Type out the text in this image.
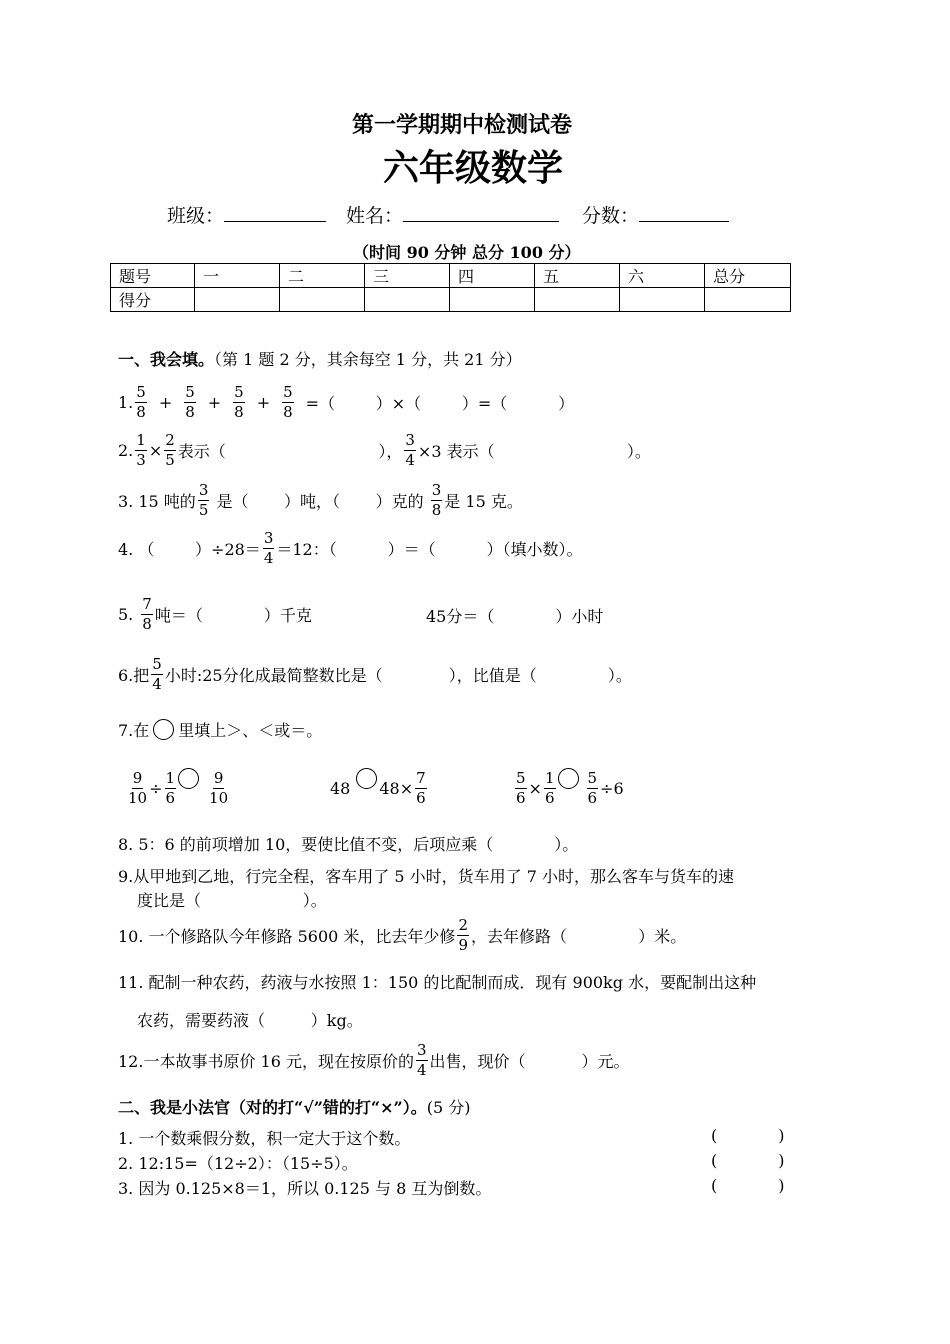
第一学期期中检测试卷
六年级数学
班级：	姓名：	分数：
（时间 90 分钟 总分 100 分）
题号	一	二	三	四	五	六	总分
得分							
一、我会填。（第 1 题 2 分，其余每空 1 分，共 21 分）
1. $\frac{5}{8} + \frac{5}{8} + \frac{5}{8} + \frac{5}{8}$ =（        ）×（        ）=（          ）
2. $\frac{1}{3} \times \frac{2}{5}$ 表示（                              ）， $\frac{3}{4} \times 3$ 表示（                          ）。
3. 15 吨的 $\frac{3}{5}$ 是（       ）吨，（       ）克的 $\frac{3}{8}$ 是 15 克。
4. （        ）$\div 28= \frac{3}{4} =12$：（          ）＝（          ）（填小数）。
5. $\frac{7}{8}$ 吨＝（            ）千克	45分＝（            ）小时
6.把 $\frac{5}{4}$ 小时:25分化成最简整数比是（             ），比值是（              ）。
7.在 里填上＞、＜或＝。
$\frac{9}{10} \div \frac{1}{6} \frac{9}{10}$	48 $48\times \frac{7}{6}$	$\frac{5}{6} \times \frac{1}{6} \frac{5}{6} \div 6$
8. 5：6 的前项增加 10，要使比值不变，后项应乘（            ）。
9.从甲地到乙地，行完全程，客车用了 5 小时，货车用了 7 小时，那么客车与货车的速
度比是（                    ）。
10. 一个修路队今年修路 5600 米，比去年少修 $\frac{2}{9}$ ，去年修路（              ）米。
11. 配制一种农药，药液与水按照 1：150 的比配制而成．现有 900kg 水，要配制出这种
农药，需要药液（         ）kg。
12.一本故事书原价 16 元，现在按原价的 $\frac{3}{4}$ 出售，现价（           ）元。
二、我是小法官（对的打“√”错的打“×”）。(5 分)
1. 一个数乘假分数，积一定大于这个数。	(            )
2. 12:15=（12÷2）：（15÷5）。	(            )
3. 因为 0.125×8＝1，所以 0.125 与 8 互为倒数。	(            )
